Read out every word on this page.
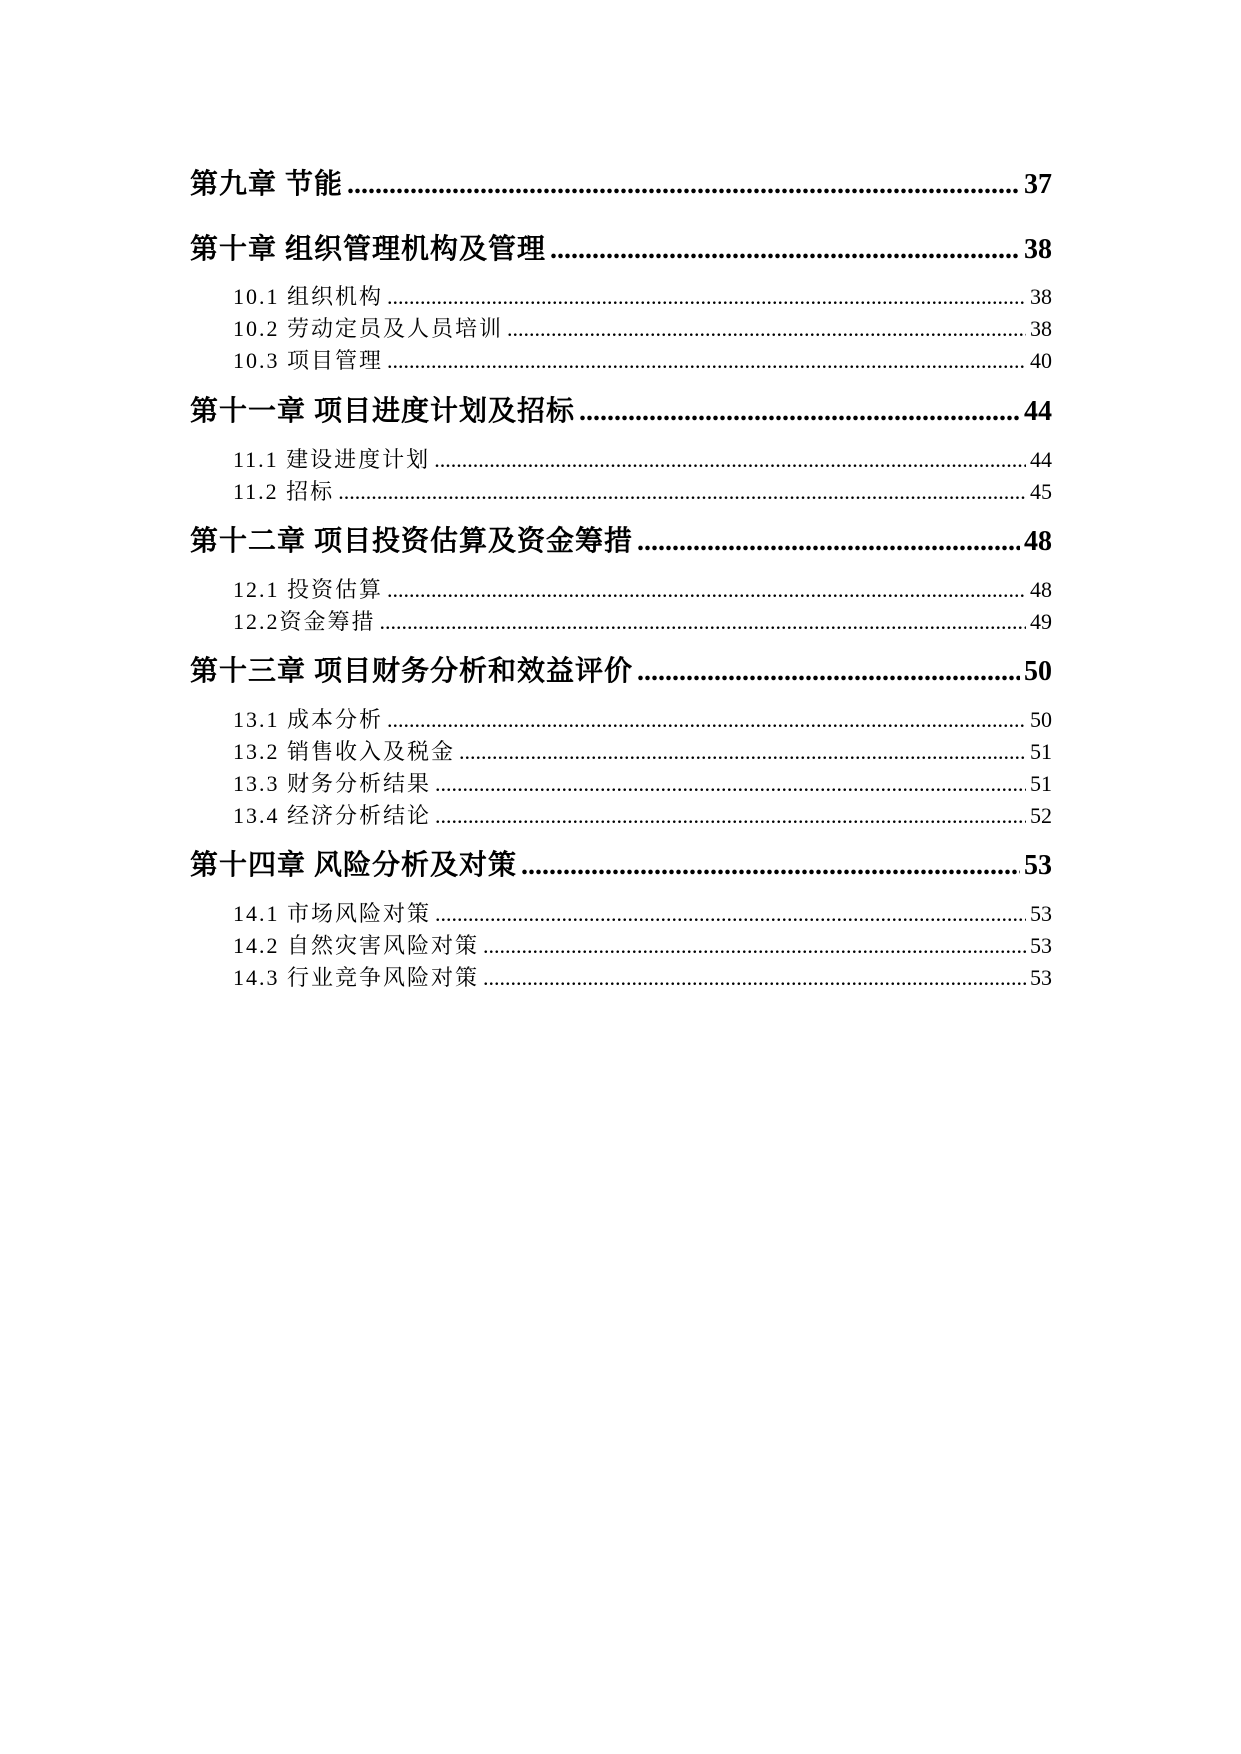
第九章 节能 .....	37
第十章 组织管理机构及管理 .....	38
10.1 组织机构 .....	38
10.2 劳动定员及人员培训 .....	38
10.3 项目管理 .....	40
第十一章 项目进度计划及招标 .....	44
11.1 建设进度计划 .....	44
11.2 招标 .....	45
第十二章 项目投资估算及资金筹措 .....	48
12.1 投资估算 .....	48
12.2资金筹措 .....	49
第十三章 项目财务分析和效益评价 .....	50
13.1 成本分析 .....	50
13.2 销售收入及税金 .....	51
13.3 财务分析结果 .....	51
13.4 经济分析结论 .....	52
第十四章 风险分析及对策 .....	53
14.1 市场风险对策 .....	53
14.2 自然灾害风险对策 .....	53
14.3 行业竞争风险对策 .....	53
